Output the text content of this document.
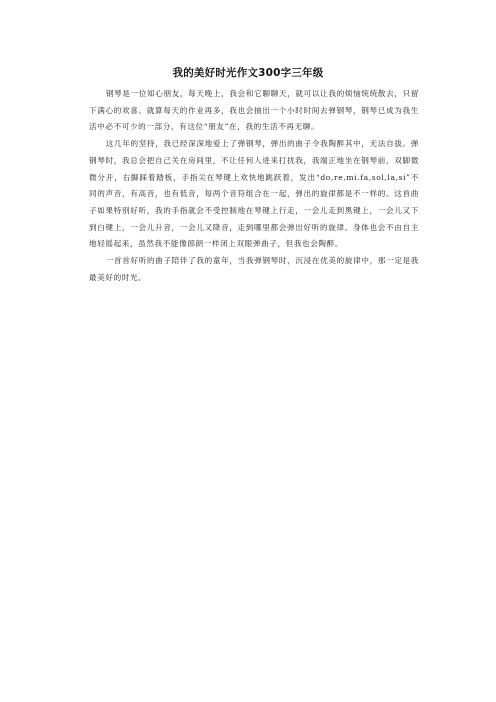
我的美好时光作文300字三年级

钢琴是一位知心朋友，每天晚上，我会和它聊聊天，就可以让我的烦恼统统散去，只留下满心的欢喜。就算每天的作业再多，我也会抽出一个小时时间去弹钢琴，钢琴已成为我生活中必不可少的一部分，有这位“朋友”在，我的生活不再无聊。

这几年的坚持，我已经深深地爱上了弹钢琴，弹出的曲子令我陶醉其中，无法自拔。弹钢琴时，我总会把自己关在房间里，不让任何人进来打扰我，我端正地坐在钢琴前，双脚微微分开，右脚踩着踏板，手指尖在琴键上欢快地跳跃着，发出“do,re,mi.fa,sol,la,si”不同的声音，有高音，也有低音，每两个音符组合在一起，弹出的旋律都是不一样的。这首曲子如果特别好听，我的手指就会不受控制地在琴键上行走，一会儿走到黑键上，一会儿又下到白键上，一会儿升音，一会儿又降音，走到哪里都会弹出好听的旋律。身体也会不由自主地轻摇起来，虽然我不能像郎朗一样闭上双眼弹曲子，但我也会陶醉。

一首首好听的曲子陪伴了我的童年，当我弹钢琴时，沉浸在优美的旋律中，那一定是我最美好的时光。
